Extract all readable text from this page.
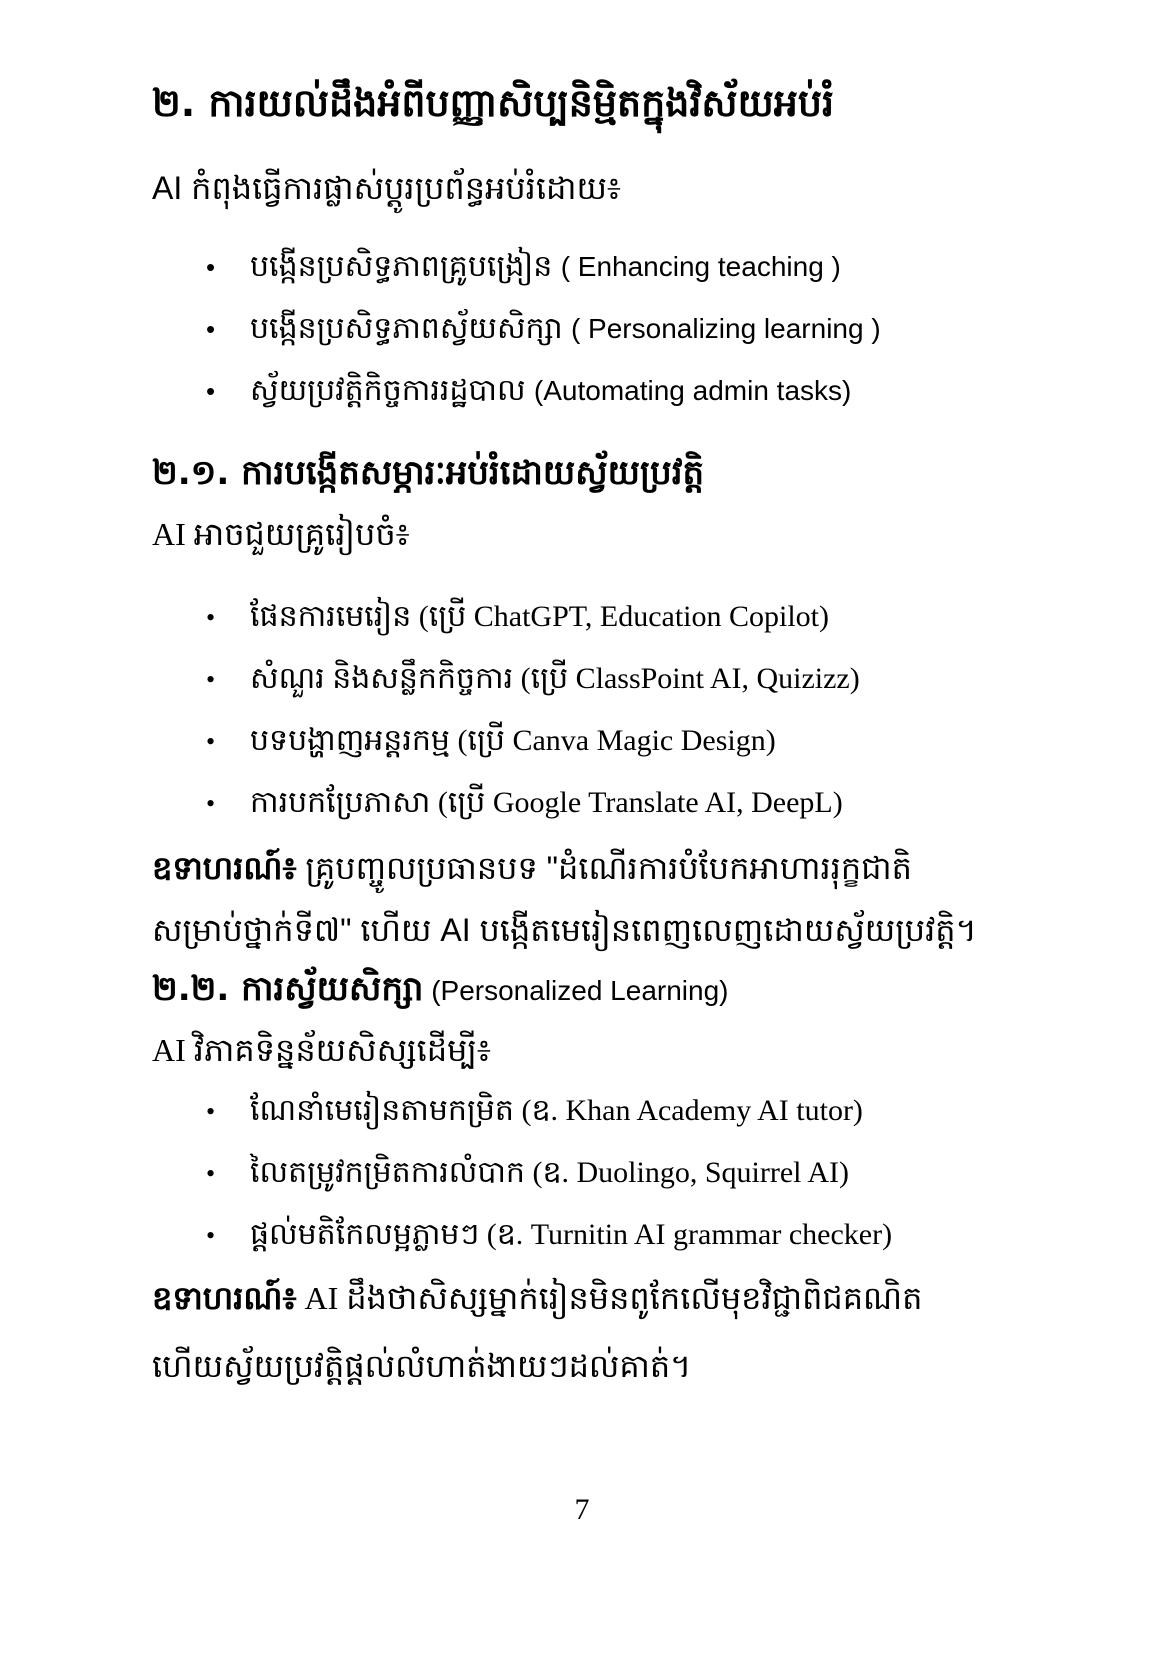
២. ការយល់ដឹងអំពីបញ្ញាសិប្បនិម្មិតក្នុងវិស័យអប់រំ
AI កំពុងធ្វើការផ្លាស់ប្តូរប្រព័ន្ធអប់រំដោយ៖
• បង្កើនប្រសិទ្ធភាពគ្រូបង្រៀន ( Enhancing teaching )
• បង្កើនប្រសិទ្ធភាពស្វ័យសិក្សា ( Personalizing learning )
• ស្វ័យប្រវត្តិកិច្ចការរដ្ឋបាល (Automating admin tasks)
២.១. ការបង្កើតសម្ភារៈអប់រំដោយស្វ័យប្រវត្តិ
AI អាចជួយគ្រូរៀបចំ៖
• ផែនការមេរៀន (ប្រើ ChatGPT, Education Copilot)
• សំណួរ និងសន្លឹកកិច្ចការ (ប្រើ ClassPoint AI, Quizizz)
• បទបង្ហាញអន្តរកម្ម (ប្រើ Canva Magic Design)
• ការបកប្រែភាសា (ប្រើ Google Translate AI, DeepL)
ឧទាហរណ៍៖ គ្រូបញ្ចូលប្រធានបទ "ដំណើរការបំបែកអាហាររុក្ខជាតិ
សម្រាប់ថ្នាក់ទី៧" ហើយ AI បង្កើតមេរៀនពេញលេញដោយស្វ័យប្រវត្តិ។
២.២. ការស្វ័យសិក្សា (Personalized Learning)
AI វិភាគទិន្នន័យសិស្សដើម្បី៖
• ណែនាំមេរៀនតាមកម្រិត (ឧ. Khan Academy AI tutor)
• លៃតម្រូវកម្រិតការលំបាក (ឧ. Duolingo, Squirrel AI)
• ផ្តល់មតិកែលម្អភ្លាមៗ (ឧ. Turnitin AI grammar checker)
ឧទាហរណ៍៖ AI ដឹងថាសិស្សម្នាក់រៀនមិនពូកែលើមុខវិជ្ជាពិជគណិត
ហើយស្វ័យប្រវត្តិផ្តល់លំហាត់ងាយៗដល់គាត់។
7
